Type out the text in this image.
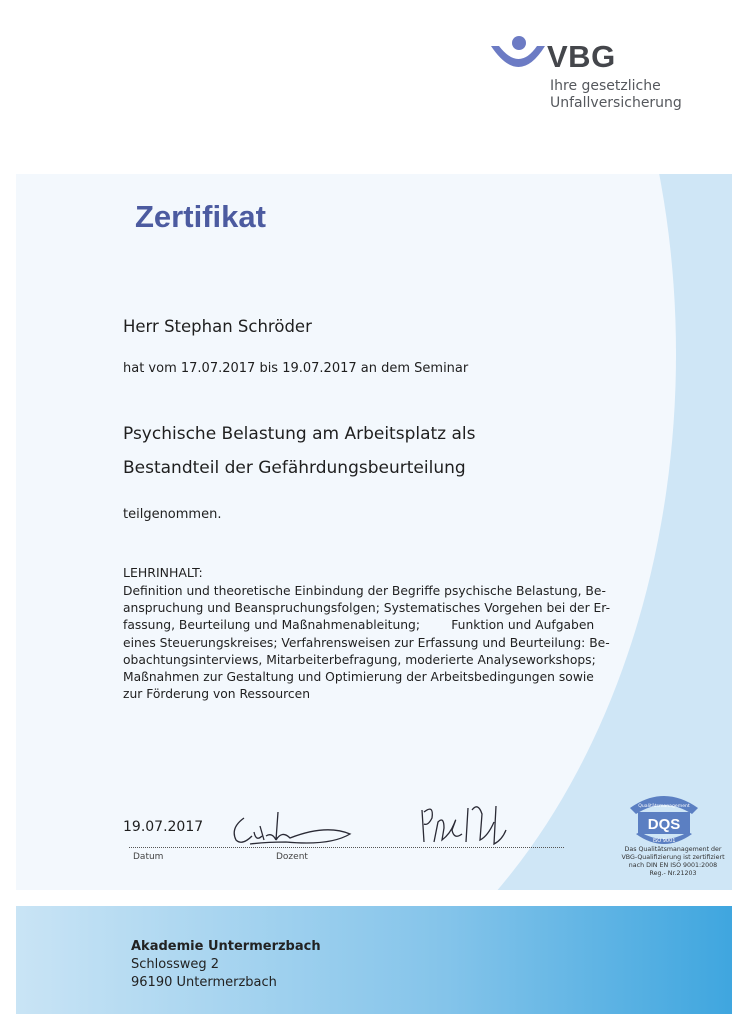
VBG
Ihre gesetzliche
Unfallversicherung
Zertifikat
Herr Stephan Schröder
hat vom 17.07.2017 bis 19.07.2017 an dem Seminar
Psychische Belastung am Arbeitsplatz als
Bestandteil der Gefährdungsbeurteilung
teilgenommen.
LEHRINHALT:
Definition und theoretische Einbindung der Begriffe psychische Belastung, Be-
anspruchung und Beanspruchungsfolgen; Systematisches Vorgehen bei der Er-
fassung, Beurteilung und Maßnahmenableitung;        Funktion und Aufgaben
eines Steuerungskreises; Verfahrensweisen zur Erfassung und Beurteilung: Be-
obachtungsinterviews, Mitarbeiterbefragung, moderierte Analyseworkshops;
Maßnahmen zur Gestaltung und Optimierung der Arbeitsbedingungen sowie
zur Förderung von Ressourcen
19.07.2017
Datum	Dozent
Qualitätsmanagement
DQS
ISO 9001
Das Qualitätsmanagement der
VBG-Qualifizierung ist zertifiziert
nach DIN EN ISO 9001:2008
Reg.- Nr.21203
Akademie Untermerzbach
Schlossweg 2
96190 Untermerzbach
